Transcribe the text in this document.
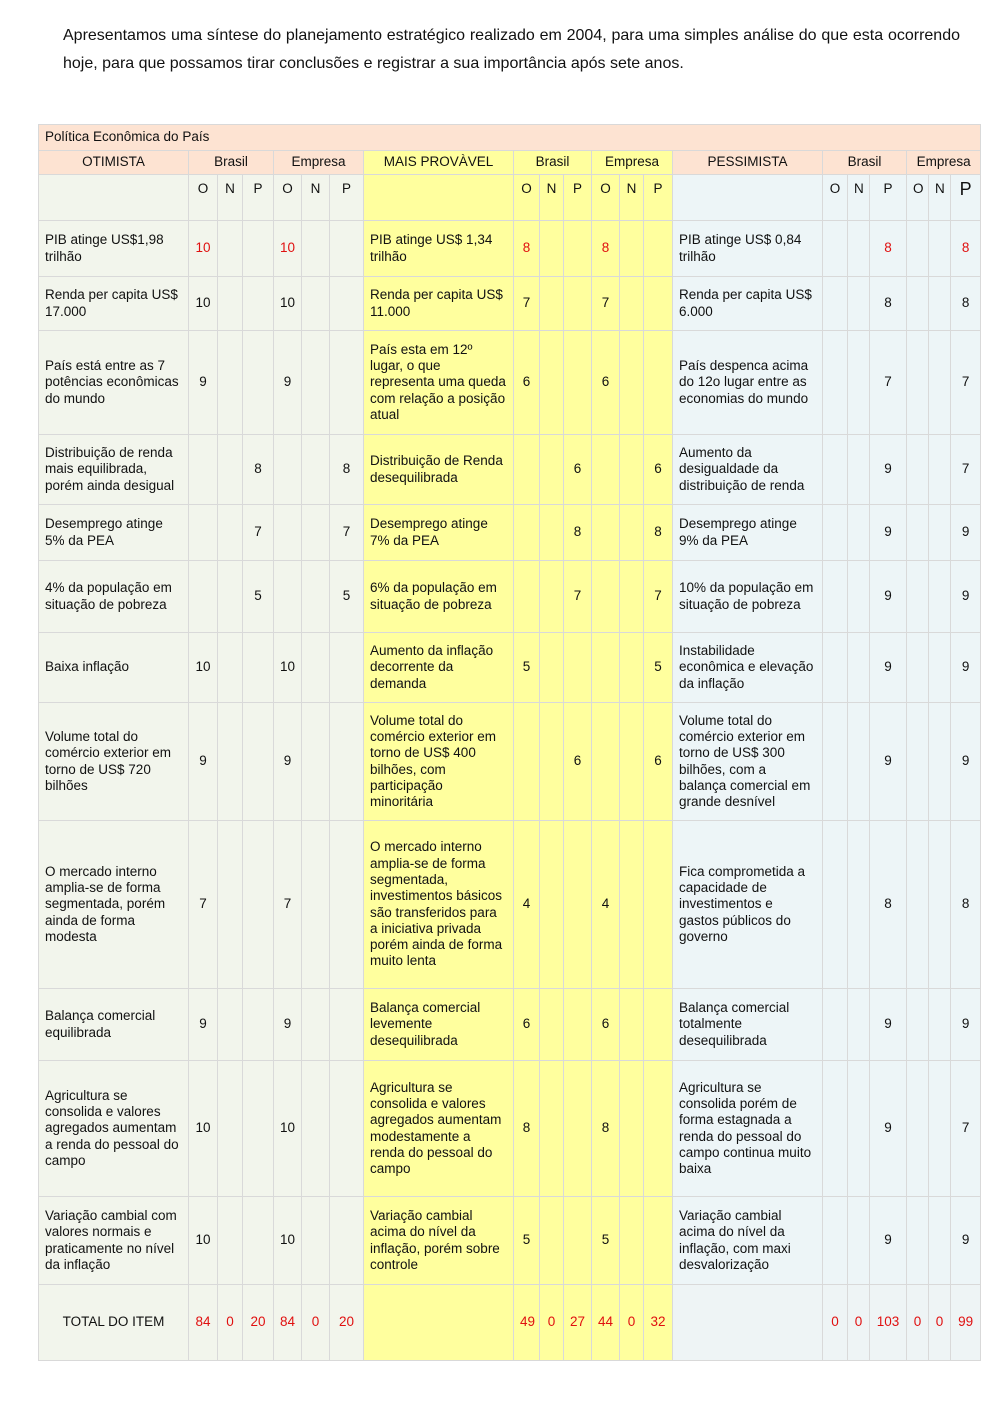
Apresentamos uma síntese do planejamento estratégico realizado em 2004, para uma simples análise do que esta ocorrendo hoje, para que possamos tirar conclusões e registrar a sua importância após sete anos.

Política Econômica do País																				
OTIMISTA	Brasil			Empresa			MAIS PROVÀVEL	Brasil			Empresa			PESSIMISTA	Brasil			Empresa		
	O	N	P	O	N	P		O	N	P	O	N	P		O	N	P	O	N	P
PIB atinge US$1,98 trilhão	10			10			PIB atinge US$ 1,34 trilhão	8			8			PIB atinge US$ 0,84 trilhão			8			8
Renda per capita US$ 17.000	10			10			Renda per capita US$ 11.000	7			7			Renda per capita US$ 6.000			8			8
País está entre as 7 potências econômicas do mundo	9			9			País esta em 12º lugar, o que representa uma queda com relação a posição atual	6			6			País despenca acima do 12o lugar entre as economias do mundo			7			7
Distribuição de renda mais equilibrada, porém ainda desigual			8			8	Distribuição de Renda desequilibrada			6			6	Aumento da desigualdade da distribuição de renda			9			7
Desemprego atinge 5% da PEA			7			7	Desemprego atinge 7% da PEA			8			8	Desemprego atinge 9% da PEA			9			9
4% da população em situação de pobreza			5			5	6% da população em situação de pobreza			7			7	10% da população em situação de pobreza			9			9
Baixa inflação	10			10			Aumento da inflação decorrente da demanda	5					5	Instabilidade econômica e elevação da inflação			9			9
Volume total do comércio exterior em torno de US$ 720 bilhões	9			9			Volume total do comércio exterior em torno de US$ 400 bilhões, com participação minoritária			6			6	Volume total do comércio exterior em torno de US$ 300 bilhões, com a balança comercial em grande desnível			9			9
O mercado interno amplia-se de forma segmentada, porém ainda de forma modesta	7			7			O mercado interno amplia-se de forma segmentada, investimentos básicos são transferidos para a iniciativa privada porém ainda de forma muito lenta	4			4			Fica comprometida a capacidade de investimentos e gastos públicos do governo			8			8
Balança comercial equilibrada	9			9			Balança comercial levemente desequilibrada	6			6			Balança comercial totalmente desequilibrada			9			9
Agricultura se consolida e valores agregados aumentam a renda do pessoal do campo	10			10			Agricultura se consolida e valores agregados aumentam modestamente a renda do pessoal do campo	8			8			Agricultura se consolida porém de forma estagnada a renda do pessoal do campo continua muito baixa			9			7
Variação cambial com valores normais e praticamente no nível da inflação	10			10			Variação cambial acima do nível da inflação, porém sobre controle	5			5			Variação cambial acima do nível da inflação, com maxi desvalorização			9			9
TOTAL DO ITEM	84	0	20	84	0	20		49	0	27	44	0	32		0	0	103	0	0	99
